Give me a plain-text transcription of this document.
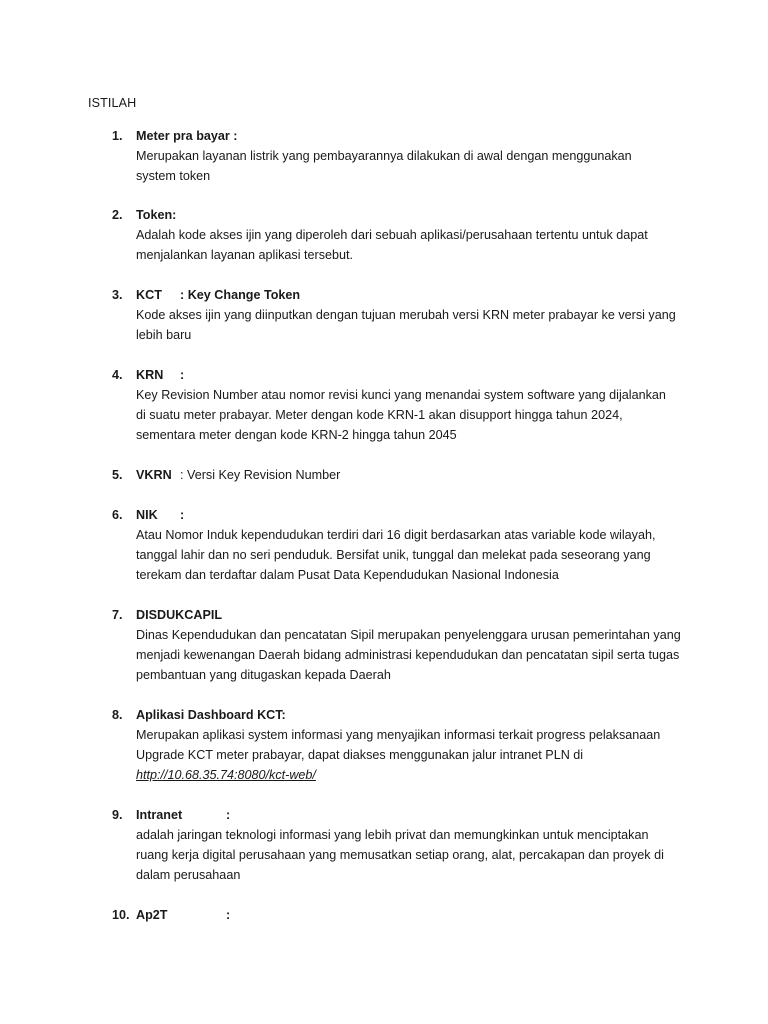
ISTILAH
1.	Meter pra bayar :
Merupakan layanan listrik yang pembayarannya dilakukan di awal dengan menggunakan system token
2.	Token:
Adalah kode akses ijin yang diperoleh dari sebuah aplikasi/perusahaan tertentu untuk dapat menjalankan layanan aplikasi tersebut.
3.	KCT : Key Change Token
Kode akses ijin yang diinputkan dengan tujuan merubah versi KRN meter prabayar ke versi yang lebih baru
4.	KRN :
Key Revision Number atau nomor revisi kunci yang menandai system software yang dijalankan di suatu meter prabayar. Meter dengan kode KRN-1 akan disupport hingga tahun 2024, sementara meter dengan kode KRN-2 hingga tahun 2045
5.	VKRN : Versi Key Revision Number
6.	NIK :
Atau Nomor Induk kependudukan terdiri dari 16 digit berdasarkan atas variable kode wilayah, tanggal lahir dan no seri penduduk. Bersifat unik, tunggal dan melekat pada seseorang yang terekam dan terdaftar dalam Pusat Data Kependudukan Nasional Indonesia
7.	DISDUKCAPIL
Dinas Kependudukan dan pencatatan Sipil merupakan penyelenggara urusan pemerintahan yang menjadi kewenangan Daerah bidang administrasi kependudukan dan pencatatan sipil serta tugas pembantuan yang ditugaskan kepada Daerah
8.	Aplikasi Dashboard KCT:
Merupakan aplikasi system informasi yang menyajikan informasi terkait progress pelaksanaan Upgrade KCT meter prabayar, dapat diakses menggunakan jalur intranet PLN di
http://10.68.35.74:8080/kct-web/
9.	Intranet	:
adalah jaringan teknologi informasi yang lebih privat dan memungkinkan untuk menciptakan ruang kerja digital perusahaan yang memusatkan setiap orang, alat, percakapan dan proyek di dalam perusahaan
10. Ap2T	:
